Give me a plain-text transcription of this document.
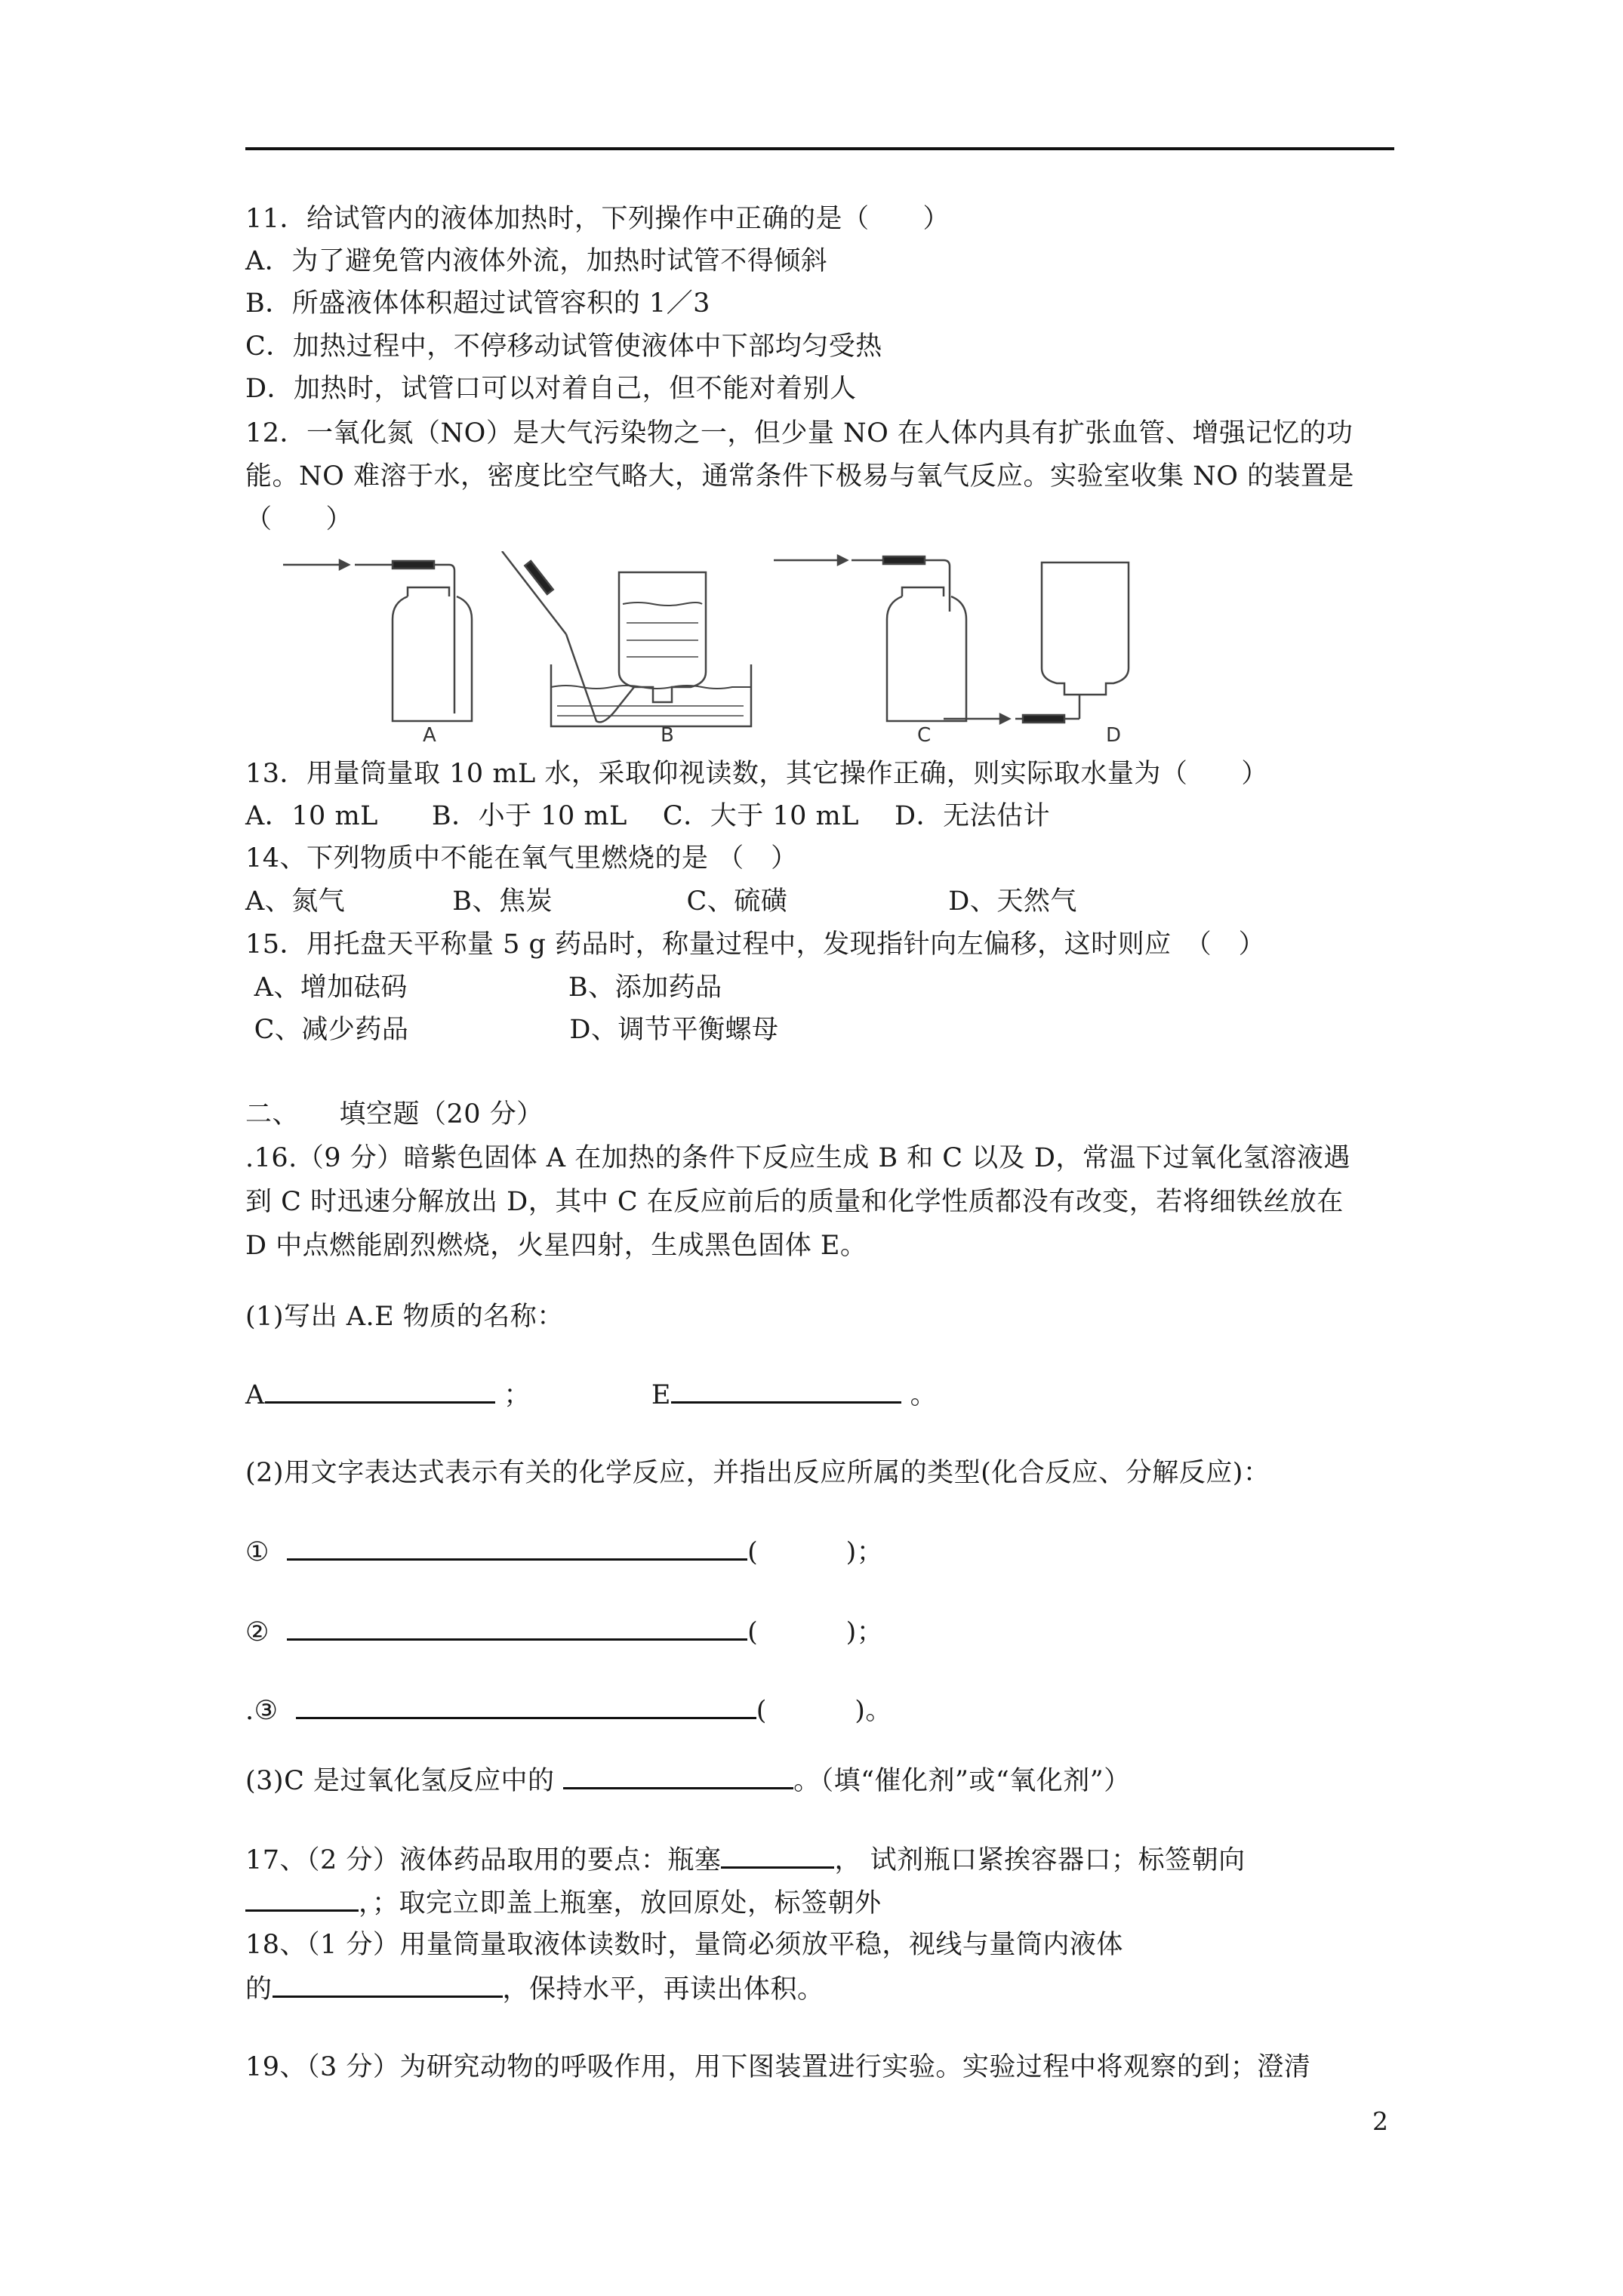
11．给试管内的液体加热时，下列操作中正确的是（　　）
A．为了避免管内液体外流，加热时试管不得倾斜
B．所盛液体体积超过试管容积的 1／3
C．加热过程中，不停移动试管使液体中下部均匀受热
D．加热时，试管口可以对着自己，但不能对着别人
12．一氧化氮（NO）是大气污染物之一，但少量 NO 在人体内具有扩张血管、增强记忆的功
能。NO 难溶于水，密度比空气略大，通常条件下极易与氧气反应。实验室收集 NO 的装置是
（　　）
A	B	C	D
13．用量筒量取 10 mL 水，采取仰视读数，其它操作正确，则实际取水量为（　　）
A．10 mL　　B．小于 10 mL　 C．大于 10 mL　 D．无法估计
14、下列物质中不能在氧气里燃烧的是 （　）
A、氮气　　　　B、焦炭　　　　　C、硫磺　　　　　　D、天然气
15．用托盘天平称量 5 g 药品时，称量过程中，发现指针向左偏移，这时则应　（　）
A、增加砝码　　　　　　B、添加药品
C、减少药品　　　　　　D、调节平衡螺母
二、　　填空题（20 分）
.16.（9 分）暗紫色固体 A 在加热的条件下反应生成 B 和 C 以及 D，常温下过氧化氢溶液遇
到 C 时迅速分解放出 D，其中 C 在反应前后的质量和化学性质都没有改变，若将细铁丝放在
D 中点燃能剧烈燃烧，火星四射，生成黑色固体 E。
(1)写出 A.E 物质的名称：
A	；　　　　　E	。
(2)用文字表达式表示有关的化学反应，并指出反应所属的类型(化合反应、分解反应)：
①	(	)；
②	(	)；
.③	(	)。
(3)C 是过氧化氢反应中的	。（填“催化剂”或“氧化剂”）
17、（2 分）液体药品取用的要点：瓶塞	， 试剂瓶口紧挨容器口；标签朝向
，；取完立即盖上瓶塞，放回原处，标签朝外
18、（1 分）用量筒量取液体读数时，量筒必须放平稳，视线与量筒内液体
的	，保持水平，再读出体积。
19、（3 分）为研究动物的呼吸作用，用下图装置进行实验。实验过程中将观察的到；澄清
2
